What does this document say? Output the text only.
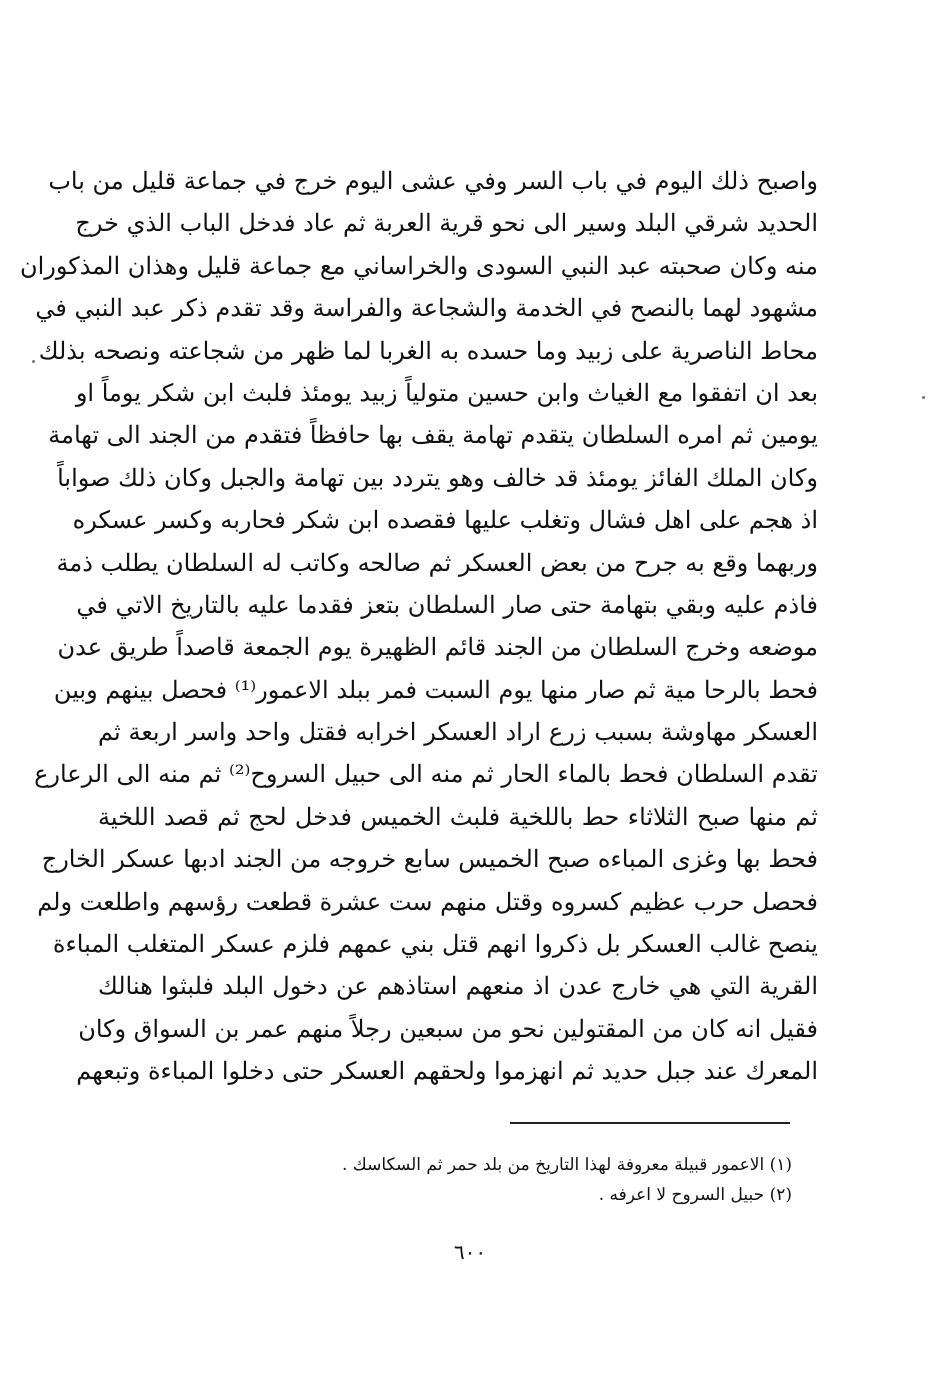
واصبح ذلك اليوم في باب السر وفي عشى اليوم خرج في جماعة قليل من باب
الحديد شرقي البلد وسير الى نحو قرية العربة ثم عاد فدخل الباب الذي خرج
منه وكان صحبته عبد النبي السودى والخراساني مع جماعة قليل وهذان المذكوران
مشهود لهما بالنصح في الخدمة والشجاعة والفراسة وقد تقدم ذكر عبد النبي في
محاط الناصرية على زبيد وما حسده به الغربا لما ظهر من شجاعته ونصحه بذلك
بعد ان اتفقوا مع الغياث وابن حسين متولياً زبيد يومئذ فلبث ابن شكر يوماً او
يومين ثم امره السلطان يتقدم تهامة يقف بها حافظاً فتقدم من الجند الى تهامة
وكان الملك الفائز يومئذ قد خالف وهو يتردد بين تهامة والجبل وكان ذلك صواباً
اذ هجم على اهل فشال وتغلب عليها فقصده ابن شكر فحاربه وكسر عسكره
وربهما وقع به جرح من بعض العسكر ثم صالحه وكاتب له السلطان يطلب ذمة
فاذم عليه وبقي بتهامة حتى صار السلطان بتعز فقدما عليه بالتاريخ الاتي في
موضعه وخرج السلطان من الجند قائم الظهيرة يوم الجمعة قاصداً طريق عدن
فحط بالرحا مية ثم صار منها يوم السبت فمر ببلد الاعمور⁽¹⁾ فحصل بينهم وبين
العسكر مهاوشة بسبب زرع اراد العسكر اخرابه فقتل واحد واسر اربعة ثم
تقدم السلطان فحط بالماء الحار ثم منه الى حبيل السروح⁽²⁾ ثم منه الى الرعارع
ثم منها صبح الثلاثاء حط باللخية فلبث الخميس فدخل لحج ثم قصد اللخية
فحط بها وغزى المباءه صبح الخميس سابع خروجه من الجند ادبها عسكر الخارج
فحصل حرب عظيم كسروه وقتل منهم ست عشرة قطعت رؤسهم واطلعت ولم
ينصح غالب العسكر بل ذكروا انهم قتل بني عمهم فلزم عسكر المتغلب المباءة
القرية التي هي خارج عدن اذ منعهم استاذهم عن دخول البلد فلبثوا هنالك
فقيل انه كان من المقتولين نحو من سبعين رجلاً منهم عمر بن السواق وكان
المعرك عند جبل حديد ثم انهزموا ولحقهم العسكر حتى دخلوا المباءة وتبعهم
(١) الاعمور قبيلة معروفة لهذا التاريخ من بلد حمر ثم السكاسك .
(٢) حبيل السروح لا اعرفه .
٦٠٠
